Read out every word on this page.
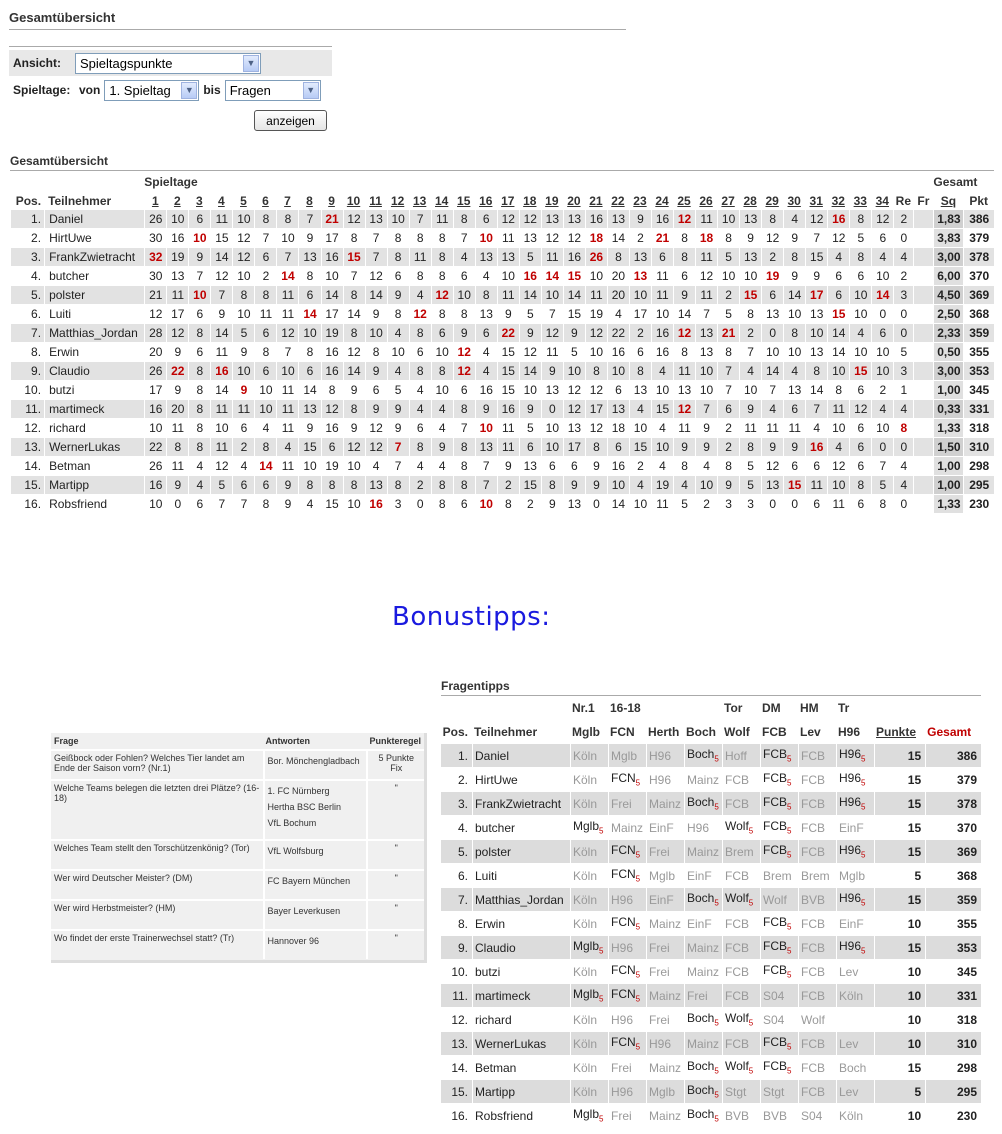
Gesamtübersicht
Ansicht:	Spieltagspunkte	▼
Spieltage: von 1. Spieltag	▼ bis Fragen	▼
anzeigen
Gesamtübersicht
		Spieltage																																				Gesamt	
Pos.	Teilnehmer	1	2	3	4	5	6	7	8	9	10	11	12	13	14	15	16	17	18	19	20	21	22	23	24	25	26	27	28	29	30	31	32	33	34	Re	Fr	Sq	Pkt
1.	Daniel	26	10	6	11	10	8	8	7	21	12	13	10	7	11	8	6	12	12	13	13	16	13	9	16	12	11	10	13	8	4	12	16	8	12	2		1,83	386
2.	HirtUwe	30	16	10	15	12	7	10	9	17	8	7	8	8	8	7	10	11	13	12	12	18	14	2	21	8	18	8	9	12	9	7	12	5	6	0		3,83	379
3.	FrankZwietracht	32	19	9	14	12	6	7	13	16	15	7	8	11	8	4	13	13	5	11	16	26	8	13	6	8	11	5	13	2	8	15	4	8	4	4		3,00	378
4.	butcher	30	13	7	12	10	2	14	8	10	7	12	6	8	8	6	4	10	16	14	15	10	20	13	11	6	12	10	10	19	9	9	6	6	10	2		6,00	370
5.	polster	21	11	10	7	8	8	11	6	14	8	14	9	4	12	10	8	11	14	10	14	11	20	10	11	9	11	2	15	6	14	17	6	10	14	3		4,50	369
6.	Luiti	12	17	6	9	10	11	11	14	17	14	9	8	12	8	8	13	9	5	7	15	19	4	17	10	14	7	5	8	13	10	13	15	10	0	0		2,50	368
7.	Matthias_Jordan	28	12	8	14	5	6	12	10	19	8	10	4	8	6	9	6	22	9	12	9	12	22	2	16	12	13	21	2	0	8	10	14	4	6	0		2,33	359
8.	Erwin	20	9	6	11	9	8	7	8	16	12	8	10	6	10	12	4	15	12	11	5	10	16	6	16	8	13	8	7	10	10	13	14	10	10	5		0,50	355
9.	Claudio	26	22	8	16	10	6	10	6	16	14	9	4	8	8	12	4	15	14	9	10	8	10	8	4	11	10	7	4	14	4	8	10	15	10	3		3,00	353
10.	butzi	17	9	8	14	9	10	11	14	8	9	6	5	4	10	6	16	15	10	13	12	12	6	13	10	13	10	7	10	7	13	14	8	6	2	1		1,00	345
11.	martimeck	16	20	8	11	11	10	11	13	12	8	9	9	4	4	8	9	16	9	0	12	17	13	4	15	12	7	6	9	4	6	7	11	12	4	4		0,33	331
12.	richard	10	11	8	10	6	4	11	9	16	9	12	9	6	4	7	10	11	5	10	13	12	18	10	4	11	9	2	11	11	11	4	10	6	10	8		1,33	318
13.	WernerLukas	22	8	8	11	2	8	4	15	6	12	12	7	8	9	8	13	11	6	10	17	8	6	15	10	9	9	2	8	9	9	16	4	6	0	0		1,50	310
14.	Betman	26	11	4	12	4	14	11	10	19	10	4	7	4	4	8	7	9	13	6	6	9	16	2	4	8	4	8	5	12	6	6	12	6	7	4		1,00	298
15.	Martipp	16	9	4	5	6	6	9	8	8	8	13	8	2	8	8	7	2	15	8	9	9	10	4	19	4	10	9	5	13	15	11	10	8	5	4		1,00	295
16.	Robsfriend	10	0	6	7	7	8	9	4	15	10	16	3	0	8	6	10	8	2	9	13	0	14	10	11	5	2	3	3	0	0	6	11	6	8	0		1,33	230
Bonustipps:
Frage	Antworten	Punkteregel
Geißbock oder Fohlen? Welches Tier landet am Ende der Saison vorn? (Nr.1)	Bor. Mönchengladbach	5 Punkte Fix
Welche Teams belegen die letzten drei Plätze? (16-18)	1. FC Nürnberg
Hertha BSC Berlin
VfL Bochum	"
Welches Team stellt den Torschützenkönig? (Tor)	VfL Wolfsburg	"
Wer wird Deutscher Meister? (DM)	FC Bayern München	"
Wer wird Herbstmeister? (HM)	Bayer Leverkusen	"
Wo findet der erste Trainerwechsel statt? (Tr)	Hannover 96	"
Fragentipps
		Nr.1	16-18			Tor	DM	HM	Tr		
Pos.	Teilnehmer	Mglb	FCN	Herth	Boch	Wolf	FCB	Lev	H96	Punkte	Gesamt
1.	Daniel	Köln	Mglb	H96	Boch$_5$	Hoff	$FCB_5$	FCB	$H96_5$	15	386
2.	HirtUwe	Köln	$FCN_5$	H96	Mainz	FCB	$FCB_5$	FCB	$H96_5$	15	379
3.	FrankZwietracht	Köln	Frei	Mainz	Boch$_5$	FCB	$FCB_5$	FCB	$H96_5$	15	378
4.	butcher	Mglb$_5$	Mainz	EinF	H96	Wolf$_5$	$FCB_5$	FCB	EinF	15	370
5.	polster	Köln	$FCN_5$	Frei	Mainz	Brem	$FCB_5$	FCB	$H96_5$	15	369
6.	Luiti	Köln	$FCN_5$	Mglb	EinF	FCB	Brem	Brem	Mglb	5	368
7.	Matthias_Jordan	Köln	H96	EinF	Boch$_5$	Wolf$_5$	Wolf	BVB	$H96_5$	15	359
8.	Erwin	Köln	$FCN_5$	Mainz	EinF	FCB	$FCB_5$	FCB	EinF	10	355
9.	Claudio	Mglb$_5$	H96	Frei	Mainz	FCB	$FCB_5$	FCB	$H96_5$	15	353
10.	butzi	Köln	$FCN_5$	Frei	Mainz	FCB	$FCB_5$	FCB	Lev	10	345
11.	martimeck	Mglb$_5$	$FCN_5$	Mainz	Frei	FCB	S04	FCB	Köln	10	331
12.	richard	Köln	H96	Frei	Boch$_5$	Wolf$_5$	S04	Wolf		10	318
13.	WernerLukas	Köln	$FCN_5$	H96	Mainz	FCB	$FCB_5$	FCB	Lev	10	310
14.	Betman	Köln	Frei	Mainz	Boch$_5$	Wolf$_5$	$FCB_5$	FCB	Boch	15	298
15.	Martipp	Köln	H96	Mglb	Boch$_5$	Stgt	Stgt	FCB	Lev	5	295
16.	Robsfriend	Mglb$_5$	Frei	Mainz	Boch$_5$	BVB	BVB	S04	Köln	10	230
